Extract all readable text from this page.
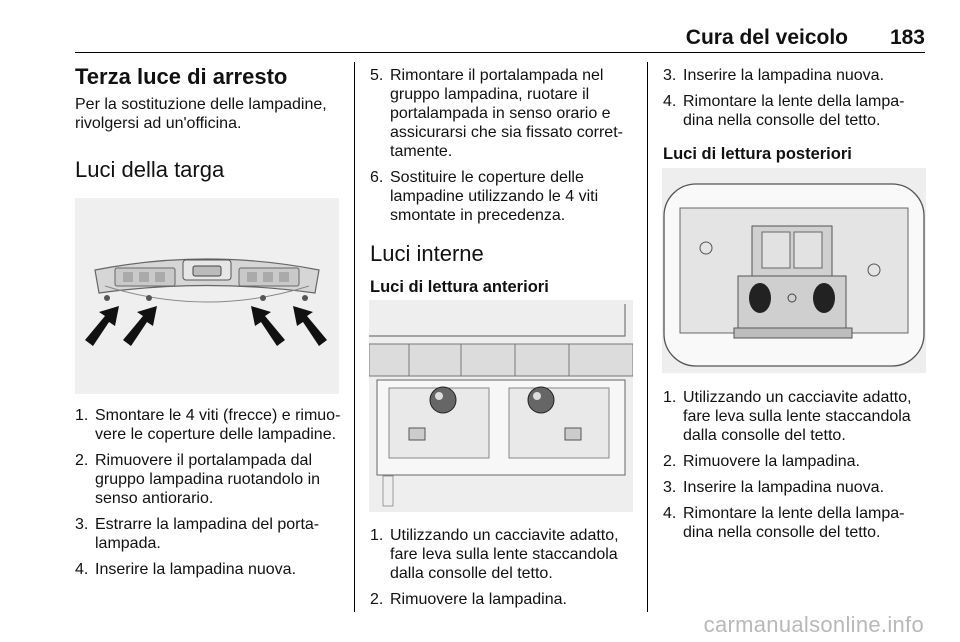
Cura del veicolo 183
Terza luce di arresto

Per la sostituzione delle lampadine, rivolgersi ad un'officina.

Luci della targa
1. Smontare le 4 viti (frecce) e rimuo-vere le coperture delle lampadine.
2. Rimuovere il portalampada dal gruppo lampadina ruotandolo in senso antiorario.
3. Estrarre la lampadina del porta-lampada.
4. Inserire la lampadina nuova.
5. Rimontare il portalampada nel gruppo lampadina, ruotare il portalampada in senso orario e assicurarsi che sia fissato corret-tamente.
6. Sostituire le coperture delle lampadine utilizzando le 4 viti smontate in precedenza.
Luci interne
Luci di lettura anteriori
1. Utilizzando un cacciavite adatto, fare leva sulla lente staccandola dalla consolle del tetto.
2. Rimuovere la lampadina.
3. Inserire la lampadina nuova.
4. Rimontare la lente della lampa-dina nella consolle del tetto.
Luci di lettura posteriori
1. Utilizzando un cacciavite adatto, fare leva sulla lente staccandola dalla consolle del tetto.
2. Rimuovere la lampadina.
3. Inserire la lampadina nuova.
4. Rimontare la lente della lampa-dina nella consolle del tetto.
carmanualsonline.info
